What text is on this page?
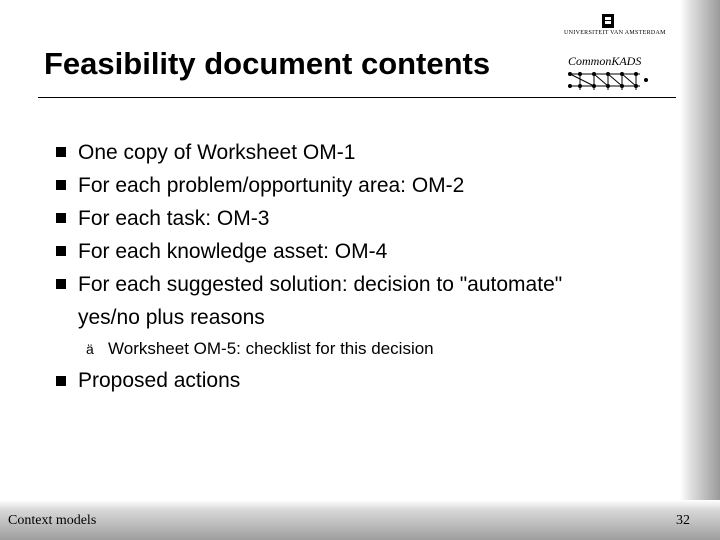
Feasibility document contents
UNIVERSITEIT VAN AMSTERDAM
CommonKADS
One copy of Worksheet OM-1
For each problem/opportunity area: OM-2
For each task: OM-3
For each knowledge asset: OM-4
For each suggested solution: decision to "automate"
yes/no plus reasons
ä Worksheet OM-5: checklist for this decision
Proposed actions
Context models	32
